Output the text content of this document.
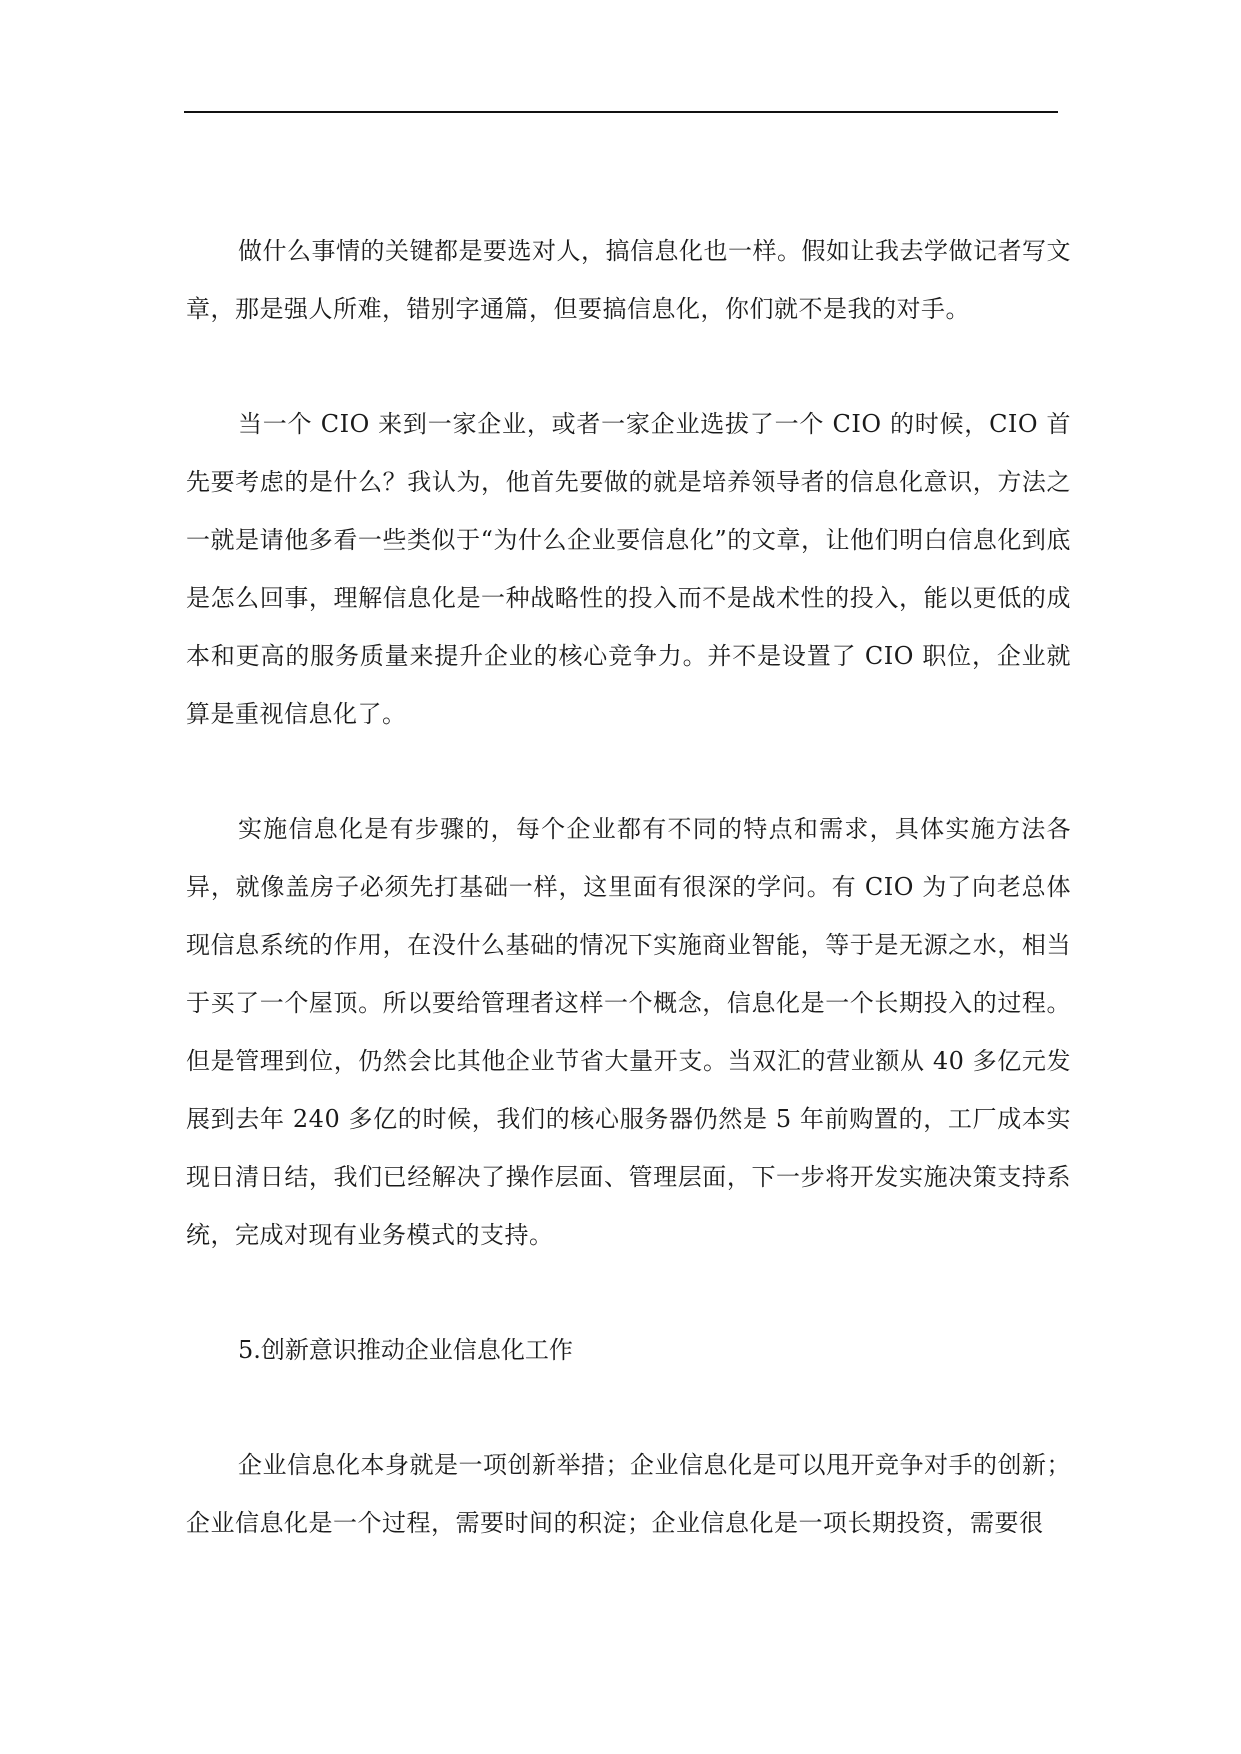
做什么事情的关键都是要选对人，搞信息化也一样。假如让我去学做记者写文章，那是强人所难，错别字通篇，但要搞信息化，你们就不是我的对手。

当一个 CIO 来到一家企业，或者一家企业选拔了一个 CIO 的时候，CIO 首先要考虑的是什么？我认为，他首先要做的就是培养领导者的信息化意识，方法之一就是请他多看一些类似于“为什么企业要信息化”的文章，让他们明白信息化到底是怎么回事，理解信息化是一种战略性的投入而不是战术性的投入，能以更低的成本和更高的服务质量来提升企业的核心竞争力。并不是设置了 CIO 职位，企业就算是重视信息化了。

实施信息化是有步骤的，每个企业都有不同的特点和需求，具体实施方法各异，就像盖房子必须先打基础一样，这里面有很深的学问。有 CIO 为了向老总体现信息系统的作用，在没什么基础的情况下实施商业智能，等于是无源之水，相当于买了一个屋顶。所以要给管理者这样一个概念，信息化是一个长期投入的过程。但是管理到位，仍然会比其他企业节省大量开支。当双汇的营业额从 40 多亿元发展到去年 240 多亿的时候，我们的核心服务器仍然是 5 年前购置的，工厂成本实现日清日结，我们已经解决了操作层面、管理层面，下一步将开发实施决策支持系统，完成对现有业务模式的支持。

5.创新意识推动企业信息化工作

企业信息化本身就是一项创新举措；企业信息化是可以甩开竞争对手的创新；企业信息化是一个过程，需要时间的积淀；企业信息化是一项长期投资，需要很
